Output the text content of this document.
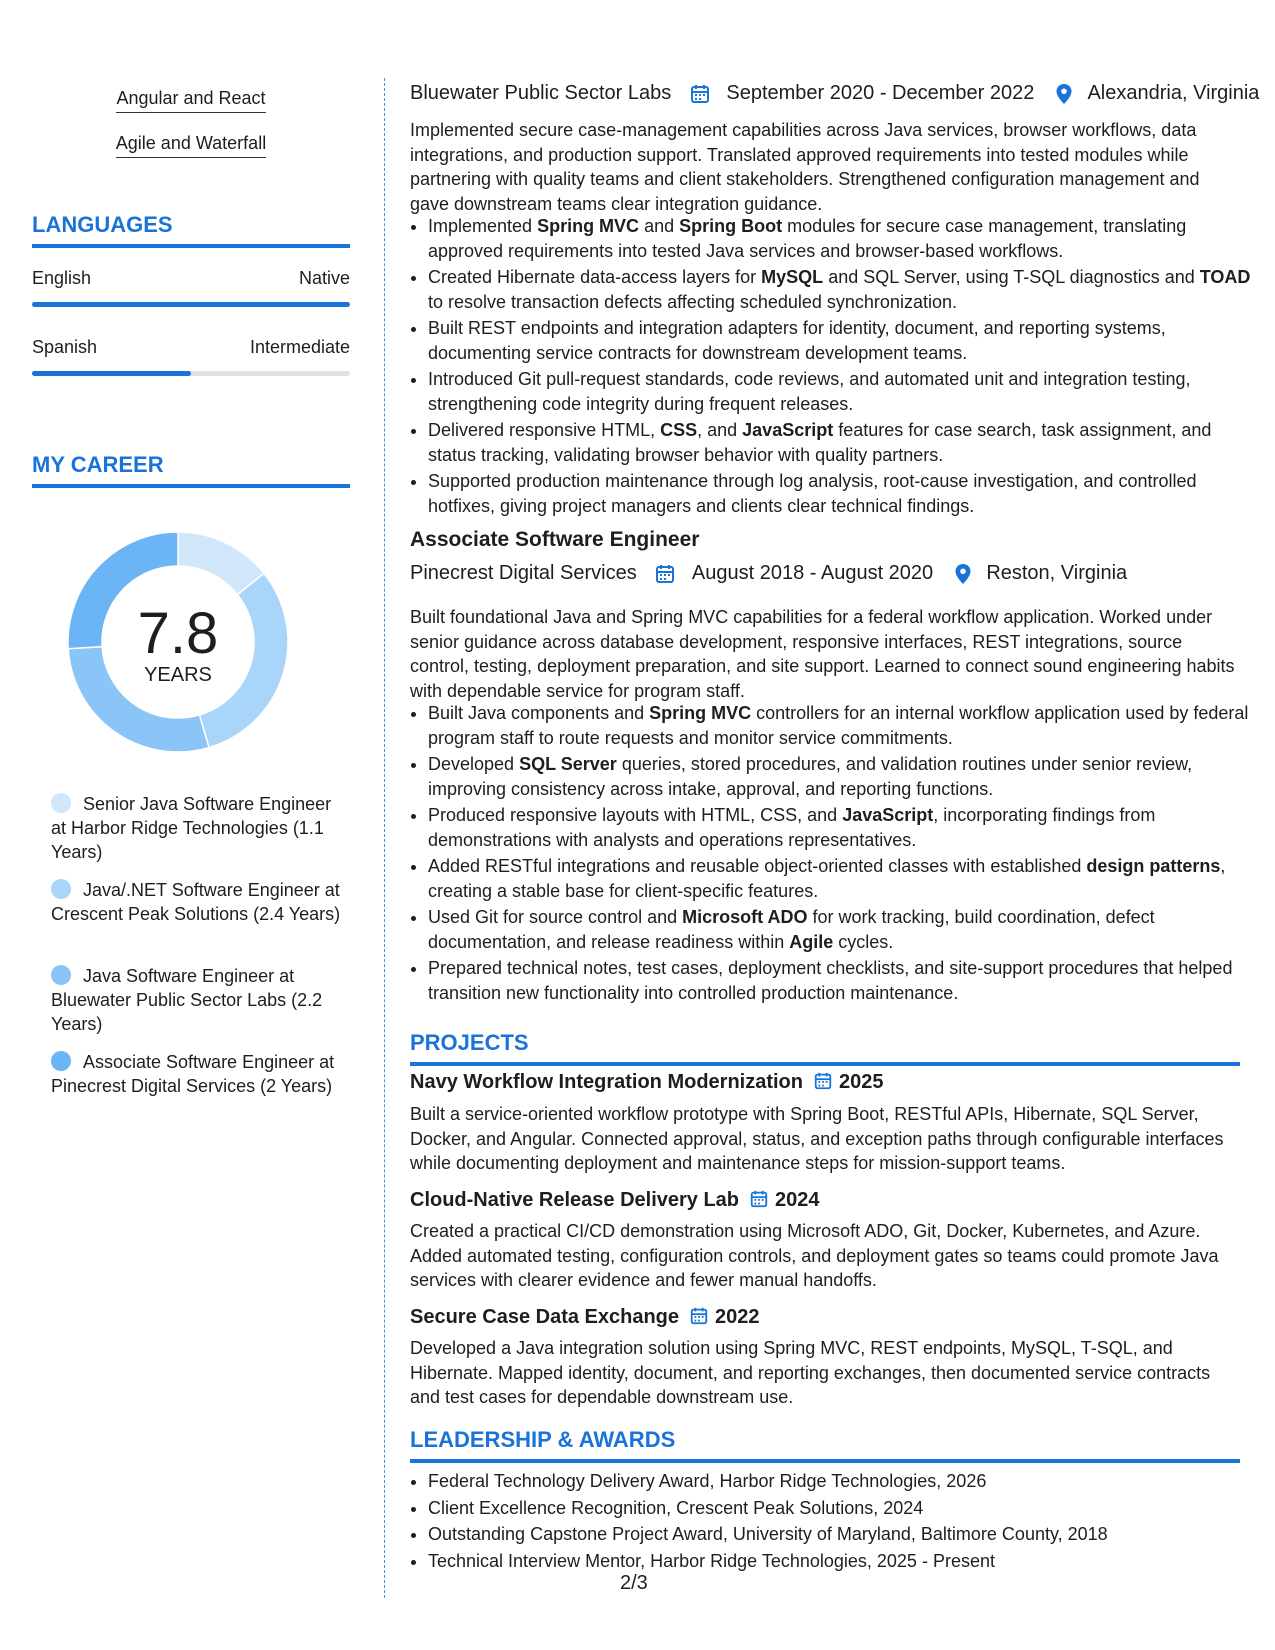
Angular and React
Agile and Waterfall
LANGUAGES
English	Native
Spanish	Intermediate
MY CAREER
7.8
YEARS
Senior Java Software Engineer at Harbor Ridge Technologies (1.1 Years)
Java/.NET Software Engineer at Crescent Peak Solutions (2.4 Years)
Java Software Engineer at Bluewater Public Sector Labs (2.2 Years)
Associate Software Engineer at Pinecrest Digital Services (2 Years)
Bluewater Public Sector Labs	September 2020 - December 2022	Alexandria, Virginia
Implemented secure case-management capabilities across Java services, browser workflows, data integrations, and production support. Translated approved requirements into tested modules while partnering with quality teams and client stakeholders. Strengthened configuration management and gave downstream teams clear integration guidance.
• Implemented Spring MVC and Spring Boot modules for secure case management, translating approved requirements into tested Java services and browser-based workflows.
• Created Hibernate data-access layers for MySQL and SQL Server, using T-SQL diagnostics and TOAD to resolve transaction defects affecting scheduled synchronization.
• Built REST endpoints and integration adapters for identity, document, and reporting systems, documenting service contracts for downstream development teams.
• Introduced Git pull-request standards, code reviews, and automated unit and integration testing, strengthening code integrity during frequent releases.
• Delivered responsive HTML, CSS, and JavaScript features for case search, task assignment, and status tracking, validating browser behavior with quality partners.
• Supported production maintenance through log analysis, root-cause investigation, and controlled hotfixes, giving project managers and clients clear technical findings.
Associate Software Engineer
Pinecrest Digital Services	August 2018 - August 2020	Reston, Virginia
Built foundational Java and Spring MVC capabilities for a federal workflow application. Worked under senior guidance across database development, responsive interfaces, REST integrations, source control, testing, deployment preparation, and site support. Learned to connect sound engineering habits with dependable service for program staff.
• Built Java components and Spring MVC controllers for an internal workflow application used by federal program staff to route requests and monitor service commitments.
• Developed SQL Server queries, stored procedures, and validation routines under senior review, improving consistency across intake, approval, and reporting functions.
• Produced responsive layouts with HTML, CSS, and JavaScript, incorporating findings from demonstrations with analysts and operations representatives.
• Added RESTful integrations and reusable object-oriented classes with established design patterns, creating a stable base for client-specific features.
• Used Git for source control and Microsoft ADO for work tracking, build coordination, defect documentation, and release readiness within Agile cycles.
• Prepared technical notes, test cases, deployment checklists, and site-support procedures that helped transition new functionality into controlled production maintenance.
PROJECTS
Navy Workflow Integration Modernization 2025
Built a service-oriented workflow prototype with Spring Boot, RESTful APIs, Hibernate, SQL Server, Docker, and Angular. Connected approval, status, and exception paths through configurable interfaces while documenting deployment and maintenance steps for mission-support teams.
Cloud-Native Release Delivery Lab 2024
Created a practical CI/CD demonstration using Microsoft ADO, Git, Docker, Kubernetes, and Azure. Added automated testing, configuration controls, and deployment gates so teams could promote Java services with clearer evidence and fewer manual handoffs.
Secure Case Data Exchange 2022
Developed a Java integration solution using Spring MVC, REST endpoints, MySQL, T-SQL, and Hibernate. Mapped identity, document, and reporting exchanges, then documented service contracts and test cases for dependable downstream use.
LEADERSHIP & AWARDS
• Federal Technology Delivery Award, Harbor Ridge Technologies, 2026
• Client Excellence Recognition, Crescent Peak Solutions, 2024
• Outstanding Capstone Project Award, University of Maryland, Baltimore County, 2018
• Technical Interview Mentor, Harbor Ridge Technologies, 2025 - Present
2/3
